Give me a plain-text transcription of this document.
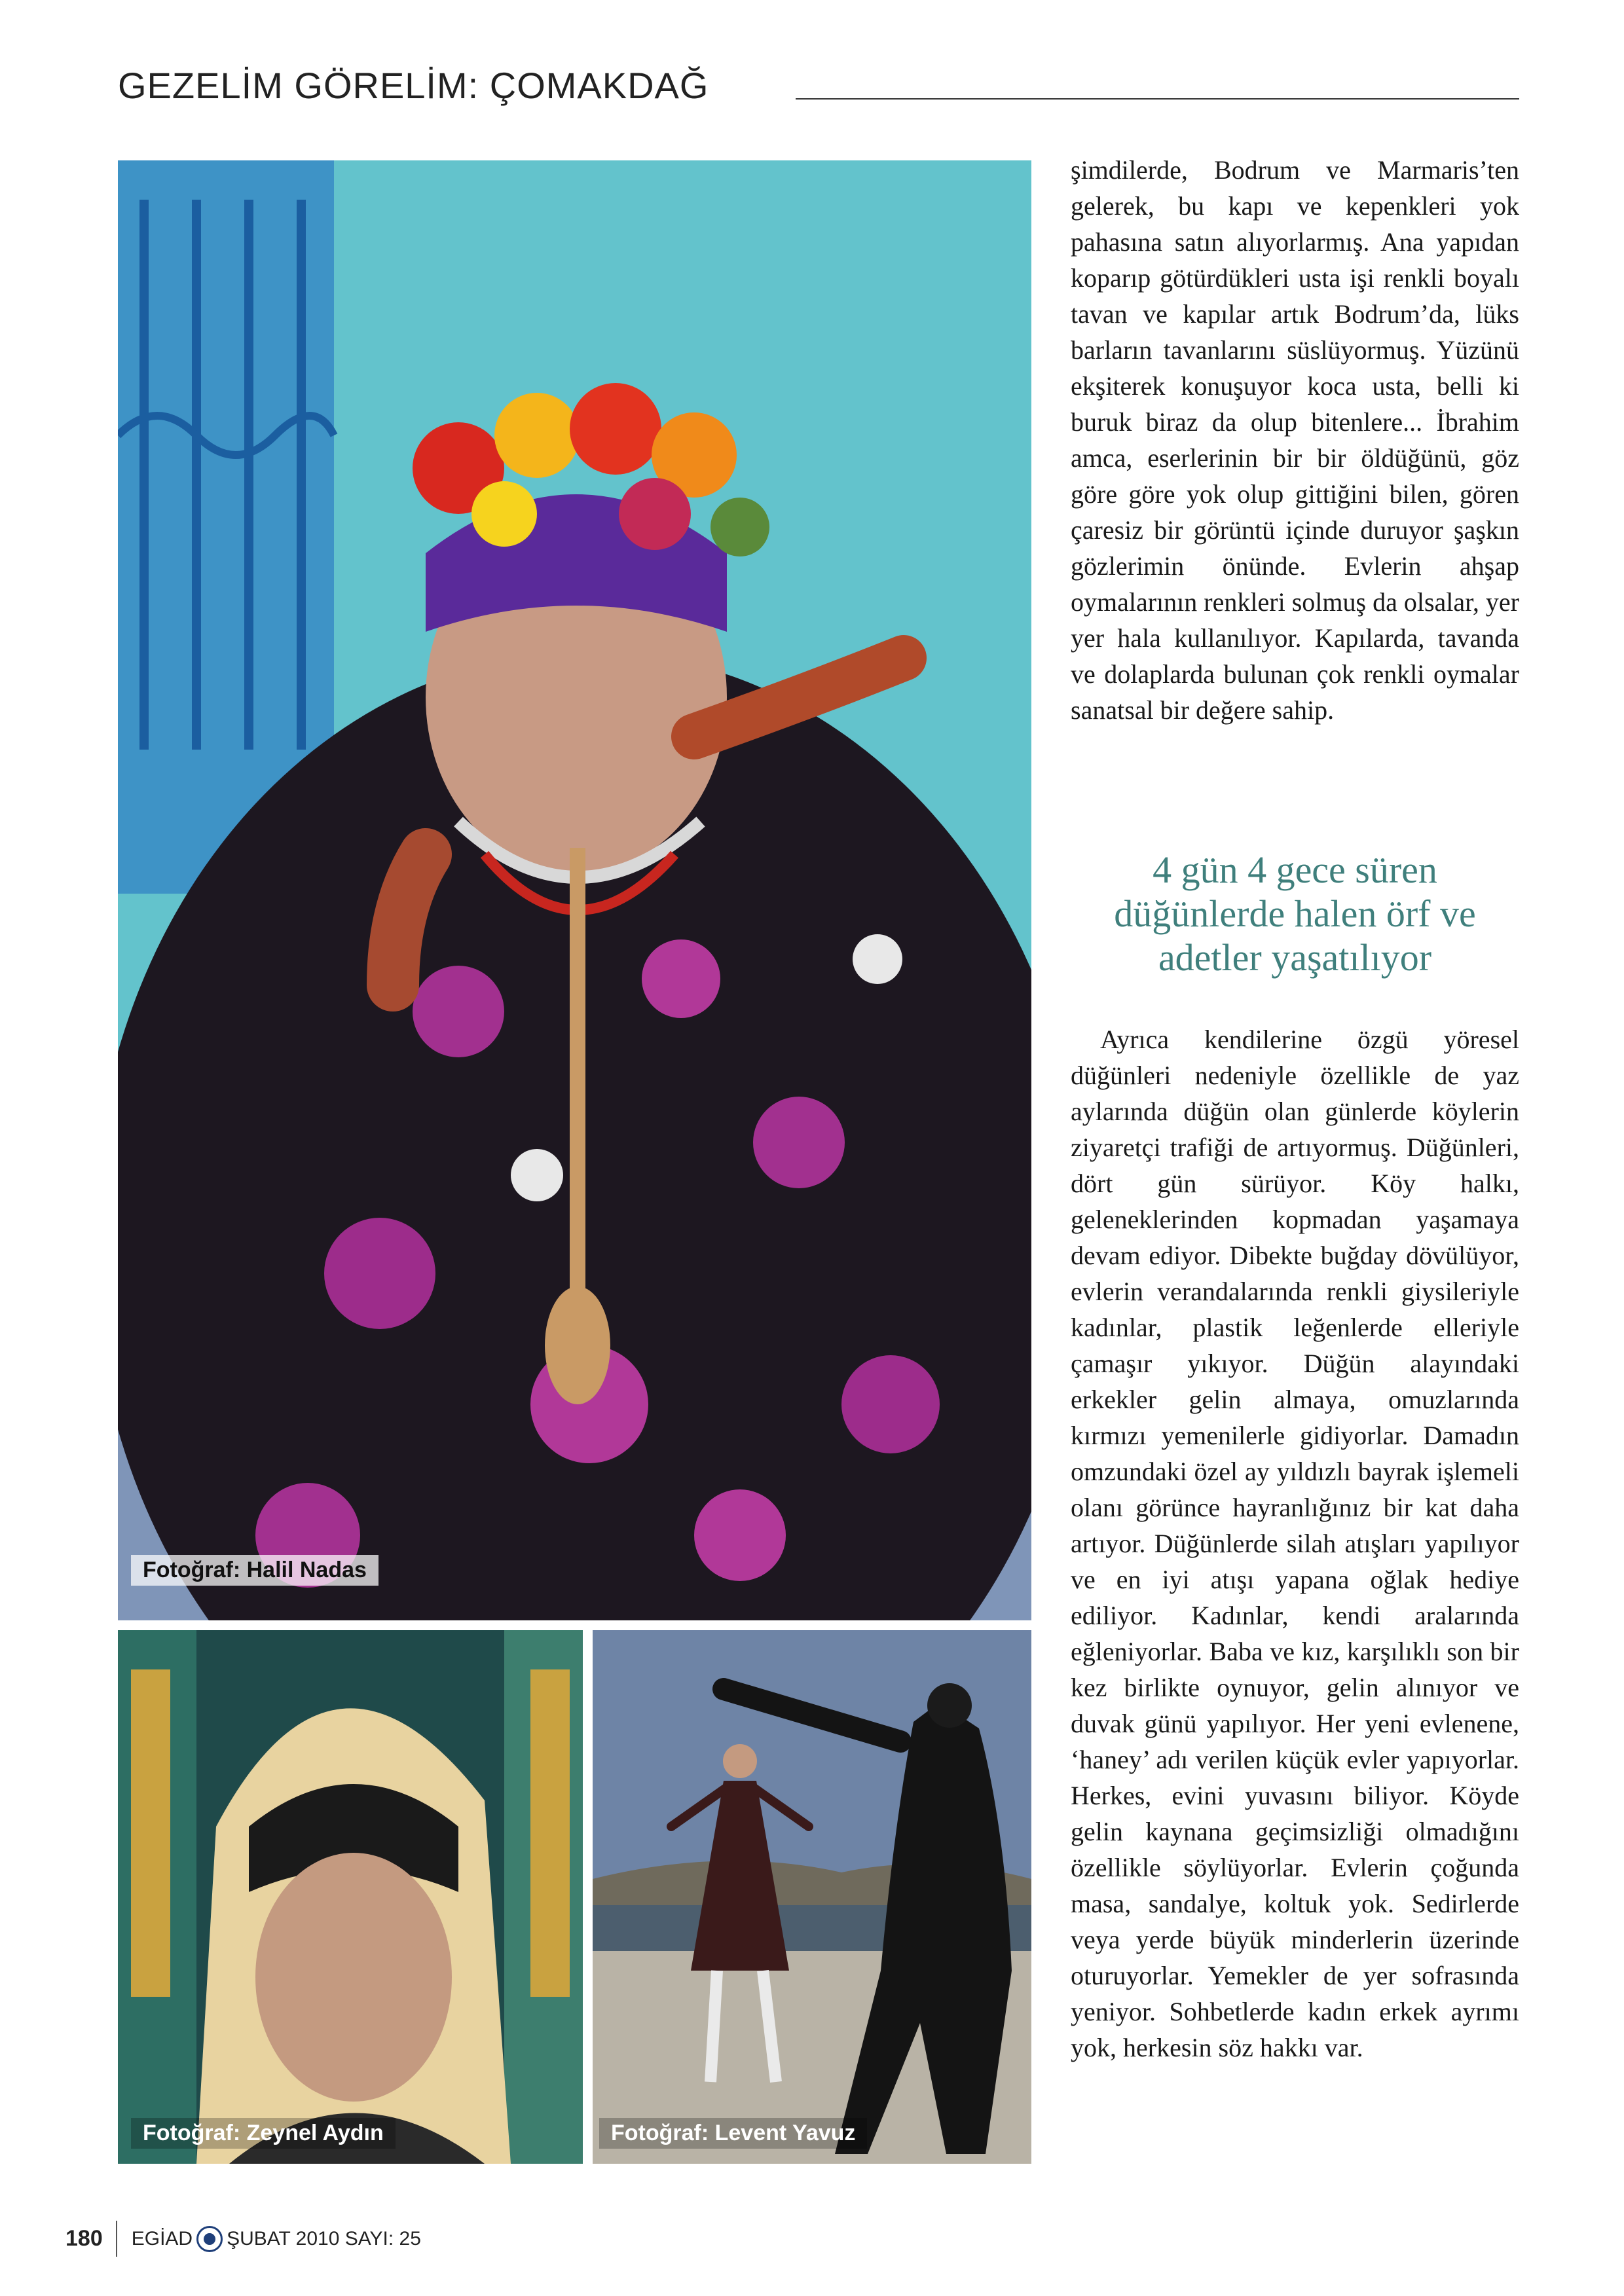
GEZELİM GÖRELİM: ÇOMAKDAĞ
Fotoğraf: Halil Nadas
Fotoğraf: Zeynel Aydın	Fotoğraf: Levent Yavuz

şimdilerde, Bodrum ve Marmaris’ten gelerek, bu kapı ve kepenkleri yok pahasına satın alıyorlarmış. Ana yapıdan koparıp götürdükleri usta işi renkli boyalı tavan ve kapılar artık Bodrum’da, lüks barların tavanlarını süslüyormuş. Yüzünü ekşiterek konuşuyor koca usta, belli ki buruk biraz da olup bitenlere... İbrahim amca, eserlerinin bir bir öldüğünü, göz göre göre yok olup gittiğini bilen, gören çaresiz bir görüntü içinde duruyor şaşkın gözlerimin önünde. Evlerin ahşap oymalarının renkleri solmuş da olsalar, yer yer hala kullanılıyor. Kapılarda, tavanda ve dolaplarda bulunan çok renkli oymalar sanatsal bir değere sahip.

4 gün 4 gece süren düğünlerde halen örf ve adetler yaşatılıyor

Ayrıca kendilerine özgü yöresel düğünleri nedeniyle özellikle de yaz aylarında düğün olan günlerde köylerin ziyaretçi trafiği de artıyormuş. Düğünleri, dört gün sürüyor. Köy halkı, geleneklerinden kopmadan yaşamaya devam ediyor. Dibekte buğday dövülüyor, evlerin verandalarında renkli giysileriyle kadınlar, plastik leğenlerde elleriyle çamaşır yıkıyor. Düğün alayındaki erkekler gelin almaya, omuzlarında kırmızı yemenilerle gidiyorlar. Damadın omzundaki özel ay yıldızlı bayrak işlemeli olanı görünce hayranlığınız bir kat daha artıyor. Düğünlerde silah atışları yapılıyor ve en iyi atışı yapana oğlak hediye ediliyor. Kadınlar, kendi aralarında eğleniyorlar. Baba ve kız, karşılıklı son bir kez birlikte oynuyor, gelin alınıyor ve duvak günü yapılıyor. Her yeni evlenene, ‘haney’ adı verilen küçük evler yapıyorlar. Herkes, evini yuvasını biliyor. Köyde gelin kaynana geçimsizliği olmadığını özellikle söylüyorlar. Evlerin çoğunda masa, sandalye, koltuk yok. Sedirlerde veya yerde büyük minderlerin üzerinde oturuyorlar. Yemekler de yer sofrasında yeniyor. Sohbetlerde kadın erkek ayrımı yok, herkesin söz hakkı var.

180 EGİAD ŞUBAT 2010 SAYI: 25
